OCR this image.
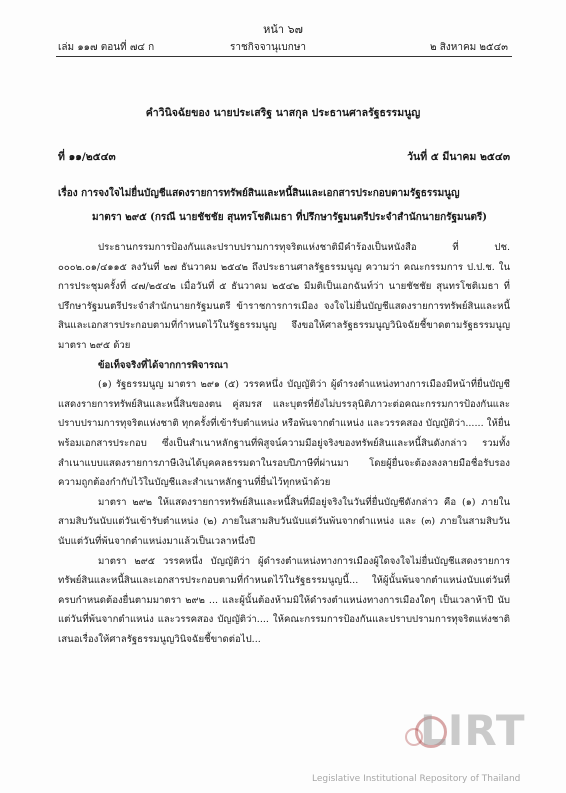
หน้า ๖๗
เล่ม ๑๑๗ ตอนที่ ๗๔ ก	ราชกิจจานุเบกษา	๒ สิงหาคม ๒๕๔๓
คำวินิจฉัยของ นายประเสริฐ นาสกุล ประธานศาลรัฐธรรมนูญ
ที่ ๑๑/๒๕๔๓	วันที่ ๕ มีนาคม ๒๕๔๓
เรื่อง การจงใจไม่ยื่นบัญชีแสดงรายการทรัพย์สินและหนี้สินและเอกสารประกอบตามรัฐธรรมนูญ
มาตรา ๒๙๕ (กรณี นายชัชชัย สุนทรโชติเมธา ที่ปรึกษารัฐมนตรีประจำสำนักนายกรัฐมนตรี)

ประธานกรรมการป้องกันและปราบปรามการทุจริตแห่งชาติมีคำร้องเป็นหนังสือ ที่ ปช. ๐๐๐๒.๐๑/๔๑๑๕ ลงวันที่ ๒๗ ธันวาคม ๒๕๔๒ ถึงประธานศาลรัฐธรรมนูญ ความว่า คณะกรรมการ ป.ป.ช. ในการประชุมครั้งที่ ๔๗/๒๕๔๒ เมื่อวันที่ ๕ ธันวาคม ๒๕๔๒ มีมติเป็นเอกฉันท์ว่า นายชัชชัย สุนทรโชติเมธา ที่ปรึกษารัฐมนตรีประจำสำนักนายกรัฐมนตรี ข้าราชการการเมือง จงใจไม่ยื่นบัญชีแสดงรายการทรัพย์สินและหนี้สินและเอกสารประกอบตามที่กำหนดไว้ในรัฐธรรมนูญ จึงขอให้ศาลรัฐธรรมนูญวินิจฉัยชี้ขาดตามรัฐธรรมนูญ มาตรา ๒๙๕ ด้วย

ข้อเท็จจริงที่ได้จากการพิจารณา

(๑) รัฐธรรมนูญ มาตรา ๒๙๑ (๕) วรรคหนึ่ง บัญญัติว่า ผู้ดำรงตำแหน่งทางการเมืองมีหน้าที่ยื่นบัญชีแสดงรายการทรัพย์สินและหนี้สินของตน คู่สมรส และบุตรที่ยังไม่บรรลุนิติภาวะต่อคณะกรรมการป้องกันและปราบปรามการทุจริตแห่งชาติ ทุกครั้งที่เข้ารับตำแหน่ง หรือพ้นจากตำแหน่ง และวรรคสอง บัญญัติว่า...... ให้ยื่นพร้อมเอกสารประกอบ ซึ่งเป็นสำเนาหลักฐานที่พิสูจน์ความมีอยู่จริงของทรัพย์สินและหนี้สินดังกล่าว รวมทั้งสำเนาแบบแสดงรายการภาษีเงินได้บุคคลธรรมดาในรอบปีภาษีที่ผ่านมา โดยผู้ยื่นจะต้องลงลายมือชื่อรับรองความถูกต้องกำกับไว้ในบัญชีและสำเนาหลักฐานที่ยื่นไว้ทุกหน้าด้วย

มาตรา ๒๙๒ ให้แสดงรายการทรัพย์สินและหนี้สินที่มีอยู่จริงในวันที่ยื่นบัญชีดังกล่าว คือ (๑) ภายในสามสิบวันนับแต่วันเข้ารับตำแหน่ง (๒) ภายในสามสิบวันนับแต่วันพ้นจากตำแหน่ง และ (๓) ภายในสามสิบวันนับแต่วันที่พ้นจากตำแหน่งมาแล้วเป็นเวลาหนึ่งปี

มาตรา ๒๙๕ วรรคหนึ่ง บัญญัติว่า ผู้ดำรงตำแหน่งทางการเมืองผู้ใดจงใจไม่ยื่นบัญชีแสดงรายการทรัพย์สินและหนี้สินและเอกสารประกอบตามที่กำหนดไว้ในรัฐธรรมนูญนี้... ให้ผู้นั้นพ้นจากตำแหน่งนับแต่วันที่ครบกำหนดต้องยื่นตามมาตรา ๒๙๒ ... และผู้นั้นต้องห้ามมิให้ดำรงตำแหน่งทางการเมืองใดๆ เป็นเวลาห้าปี นับแต่วันที่พ้นจากตำแหน่ง และวรรคสอง บัญญัติว่า.... ให้คณะกรรมการป้องกันและปราบปรามการทุจริตแห่งชาติเสนอเรื่องให้ศาลรัฐธรรมนูญวินิจฉัยชี้ขาดต่อไป...

LIRT
Legislative Institutional Repository of Thailand
